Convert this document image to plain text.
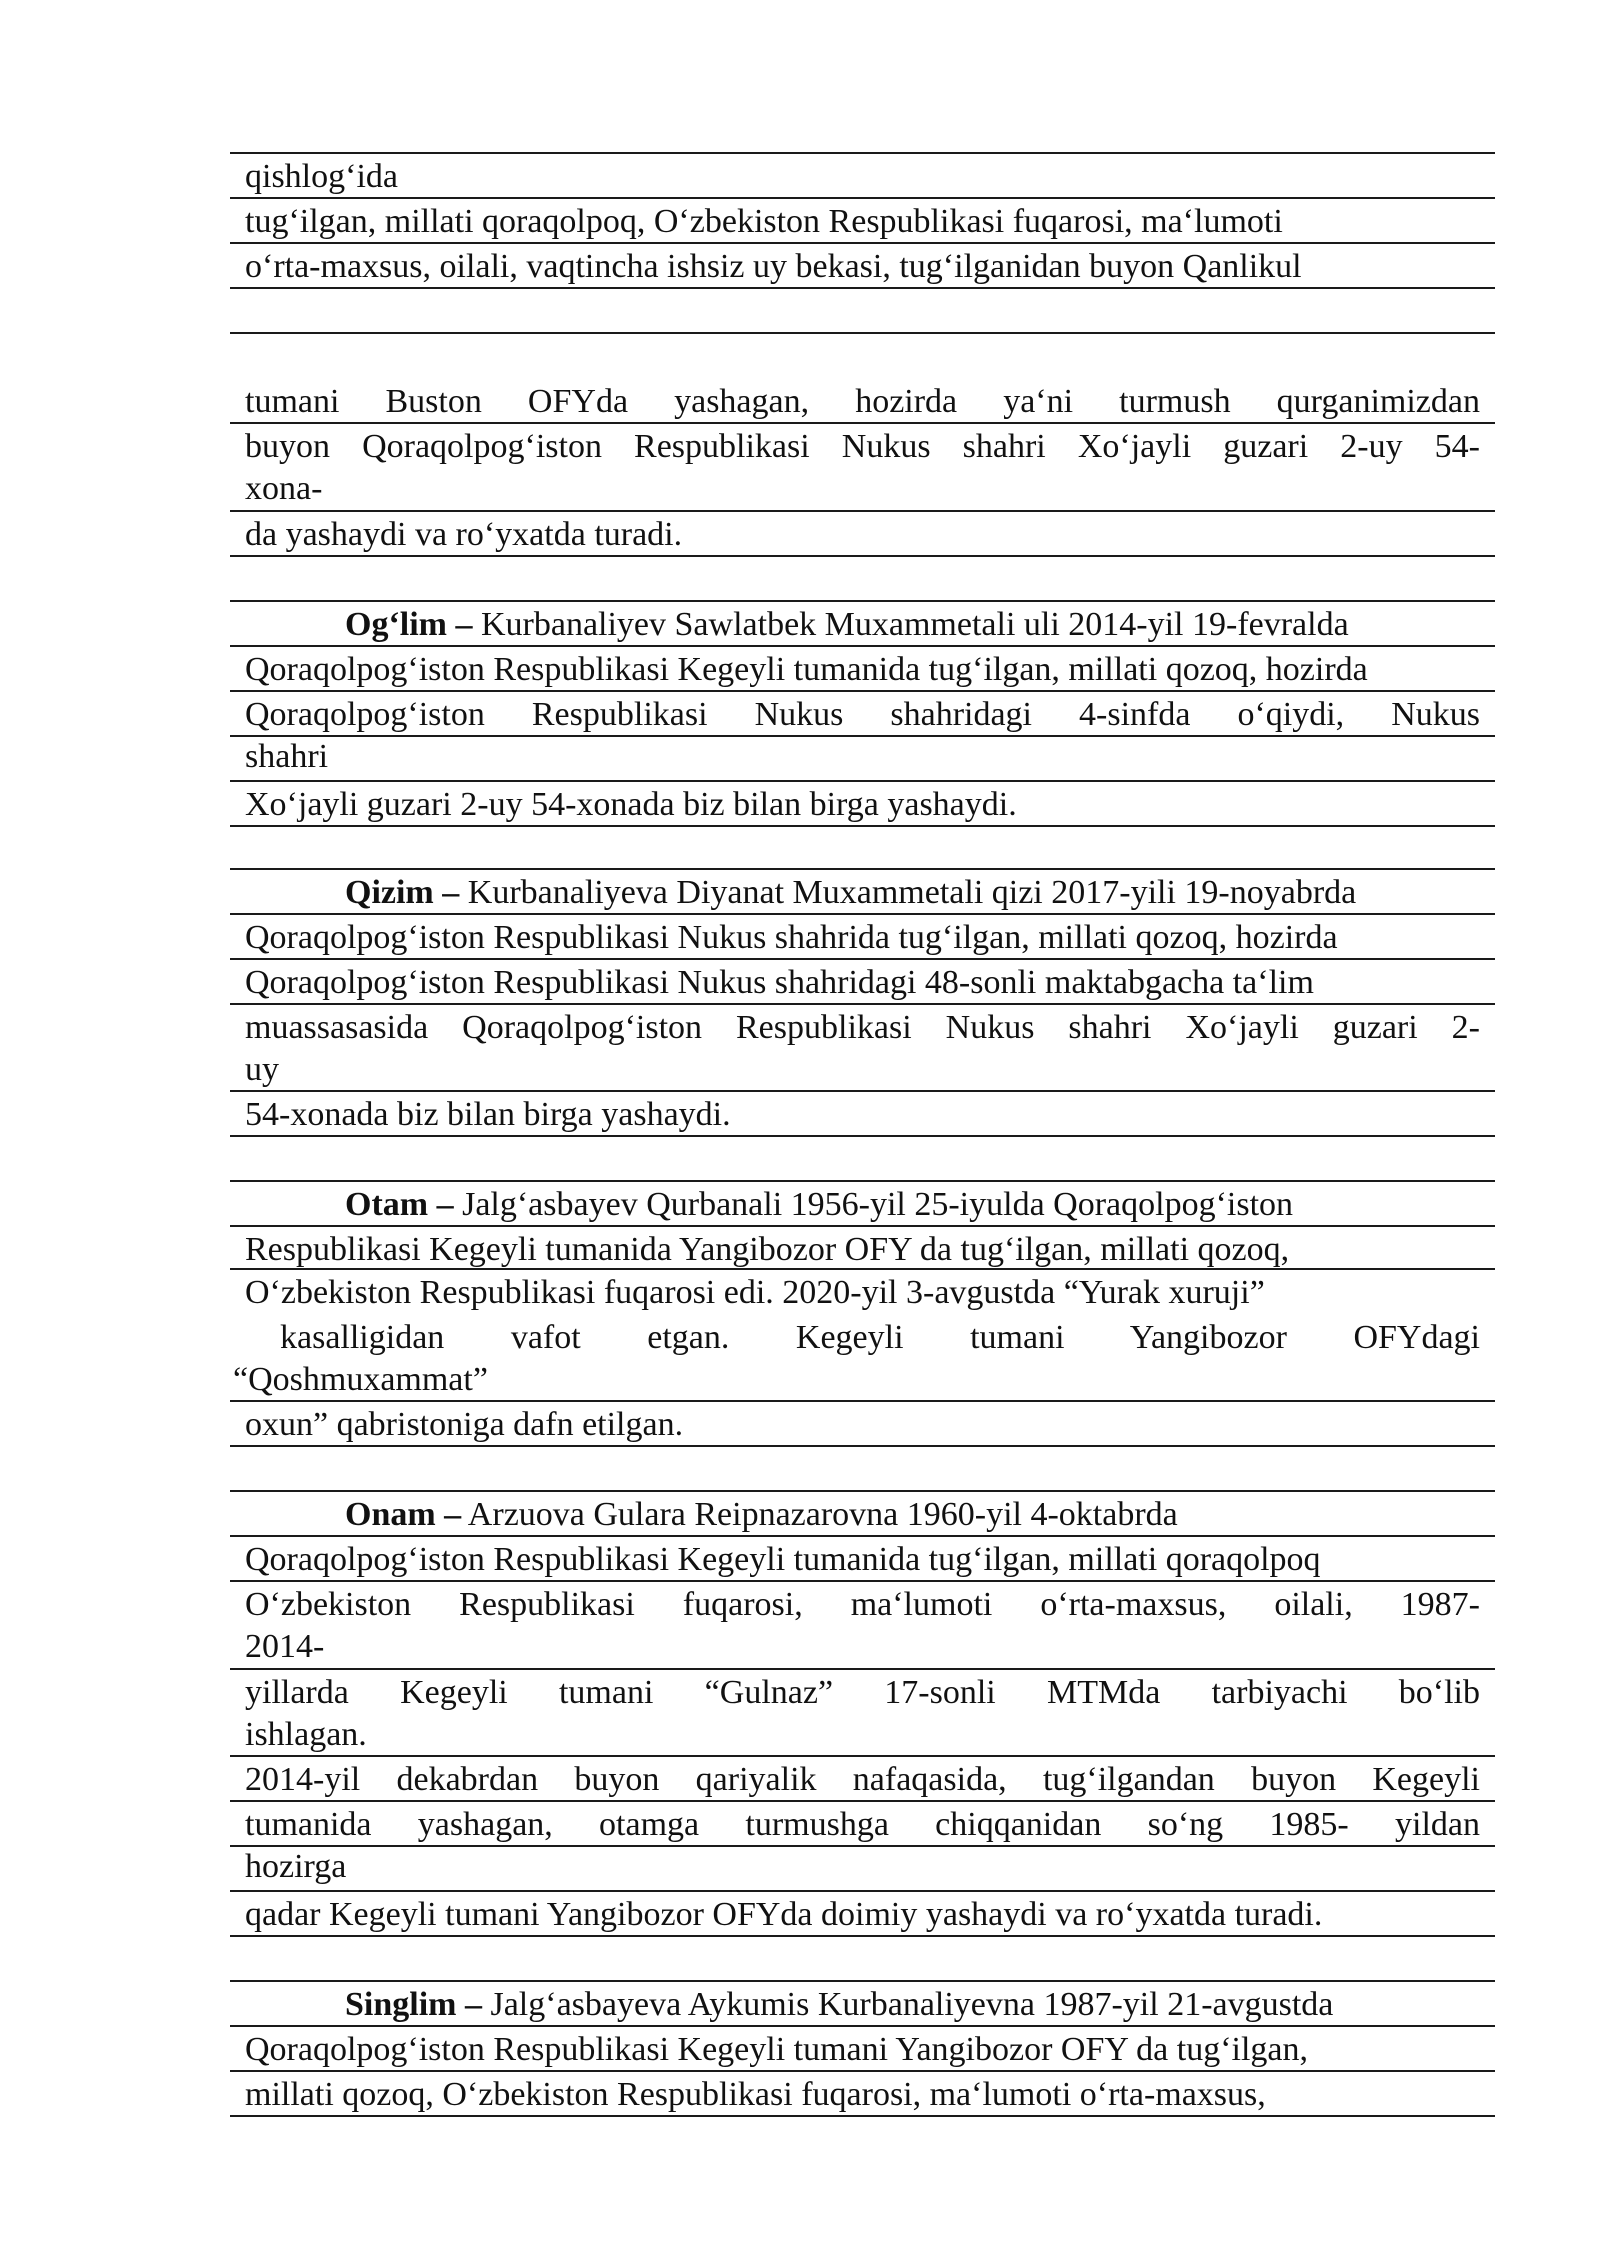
qishlog‘ida
tug‘ilgan, millati qoraqolpoq, O‘zbekiston Respublikasi fuqarosi, ma‘lumoti
o‘rta-maxsus, oilali, vaqtincha ishsiz uy bekasi, tug‘ilganidan buyon Qanlikul
tumani Buston OFYda yashagan, hozirda ya‘ni turmush qurganimizdan
buyon Qoraqolpog‘iston Respublikasi Nukus shahri Xo‘jayli guzari 2-uy 54-
xona-
da yashaydi va ro‘yxatda turadi.
Og‘lim – Kurbanaliyev Sawlatbek Muxammetali uli 2014-yil 19-fevralda
Qoraqolpog‘iston Respublikasi Kegeyli tumanida tug‘ilgan, millati qozoq, hozirda
Qoraqolpog‘iston Respublikasi Nukus shahridagi 4-sinfda o‘qiydi, Nukus
shahri
Xo‘jayli guzari 2-uy 54-xonada biz bilan birga yashaydi.
Qizim – Kurbanaliyeva Diyanat Muxammetali qizi 2017-yili 19-noyabrda
Qoraqolpog‘iston Respublikasi Nukus shahrida tug‘ilgan, millati qozoq, hozirda
Qoraqolpog‘iston Respublikasi Nukus shahridagi 48-sonli maktabgacha ta‘lim
muassasasida Qoraqolpog‘iston Respublikasi Nukus shahri Xo‘jayli guzari 2-
uy
54-xonada biz bilan birga yashaydi.
Otam – Jalg‘asbayev Qurbanali 1956-yil 25-iyulda Qoraqolpog‘iston
Respublikasi Kegeyli tumanida Yangibozor OFY da tug‘ilgan, millati qozoq,
O‘zbekiston Respublikasi fuqarosi edi. 2020-yil 3-avgustda “Yurak xuruji”
kasalligidan vafot etgan. Kegeyli tumani Yangibozor OFYdagi
“Qoshmuxammat”
oxun” qabristoniga dafn etilgan.
Onam – Arzuova Gulara Reipnazarovna 1960-yil 4-oktabrda
Qoraqolpog‘iston Respublikasi Kegeyli tumanida tug‘ilgan, millati qoraqolpoq
O‘zbekiston Respublikasi fuqarosi, ma‘lumoti o‘rta-maxsus, oilali, 1987-
2014-
yillarda Kegeyli tumani “Gulnaz” 17-sonli MTMda tarbiyachi bo‘lib
ishlagan.
2014-yil dekabrdan buyon qariyalik nafaqasida, tug‘ilgandan buyon Kegeyli
tumanida yashagan, otamga turmushga chiqqanidan so‘ng 1985- yildan
hozirga
qadar Kegeyli tumani Yangibozor OFYda doimiy yashaydi va ro‘yxatda turadi.
Singlim – Jalg‘asbayeva Aykumis Kurbanaliyevna 1987-yil 21-avgustda
Qoraqolpog‘iston Respublikasi Kegeyli tumani Yangibozor OFY da tug‘ilgan,
millati qozoq, O‘zbekiston Respublikasi fuqarosi, ma‘lumoti o‘rta-maxsus,
